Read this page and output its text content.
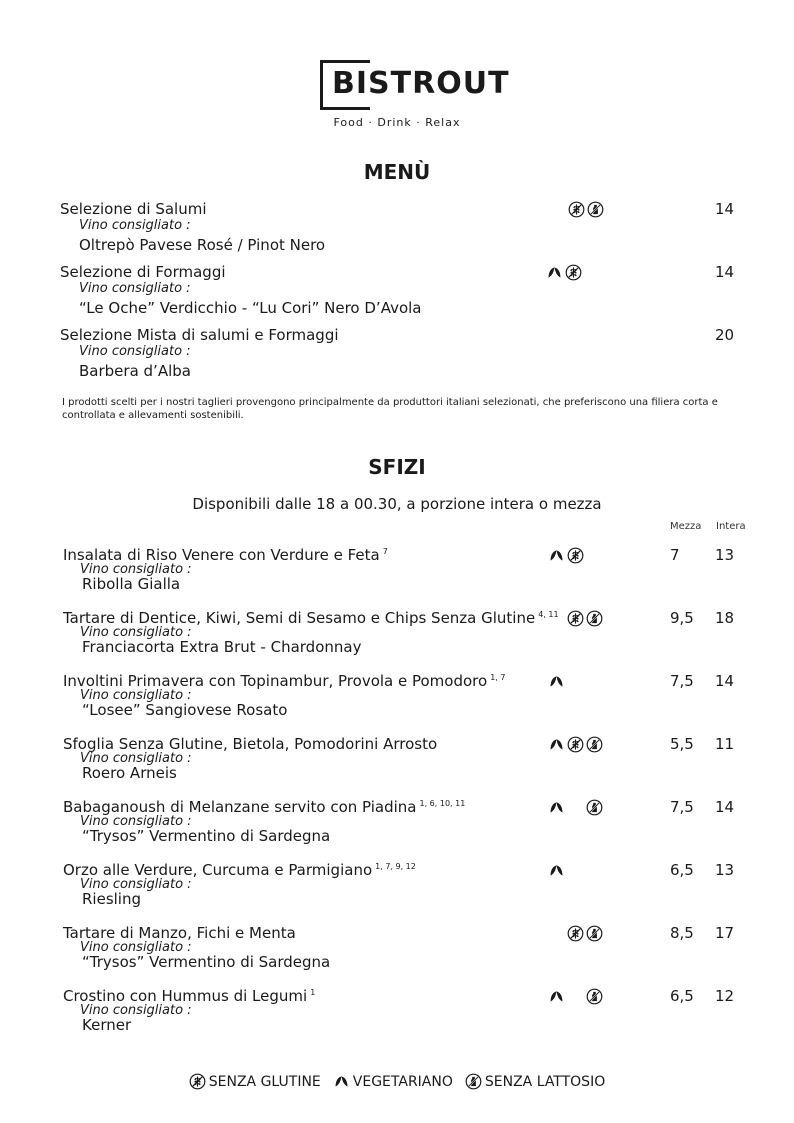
BISTROUT
Food · Drink · Relax
MENÙ
Selezione di Salumi
Vino consigliato :
Oltrepò Pavese Rosé / Pinot Nero
14
Selezione di Formaggi
Vino consigliato :
“Le Oche” Verdicchio - “Lu Cori” Nero D’Avola
14
Selezione Mista di salumi e Formaggi
Vino consigliato :
Barbera d’Alba
20
I prodotti scelti per i nostri taglieri provengono principalmente da produttori italiani selezionati, che preferiscono una filiera corta e controllata e allevamenti sostenibili.
SFIZI
Disponibili dalle 18 a 00.30, a porzione intera o mezza
Mezza Intera
Insalata di Riso Venere con Verdure e Feta $^7$
Vino consigliato :
Ribolla Gialla
7 13
Tartare di Dentice, Kiwi, Semi di Sesamo e Chips Senza Glutine $^{4, 11}$
Vino consigliato :
Franciacorta Extra Brut - Chardonnay
9,5 18
Involtini Primavera con Topinambur, Provola e Pomodoro $^{1, 7}$
Vino consigliato :
“Losee” Sangiovese Rosato
7,5 14
Sfoglia Senza Glutine, Bietola, Pomodorini Arrosto
Vino consigliato :
Roero Arneis
5,5 11
Babaganoush di Melanzane servito con Piadina $^{1, 6, 10, 11}$
Vino consigliato :
“Trysos” Vermentino di Sardegna
7,5 14
Orzo alle Verdure, Curcuma e Parmigiano $^{1, 7, 9, 12}$
Vino consigliato :
Riesling
6,5 13
Tartare di Manzo, Fichi e Menta
Vino consigliato :
“Trysos” Vermentino di Sardegna
8,5 17
Crostino con Hummus di Legumi $^1$
Vino consigliato :
Kerner
6,5 12
SENZA GLUTINE VEGETARIANO SENZA LATTOSIO
